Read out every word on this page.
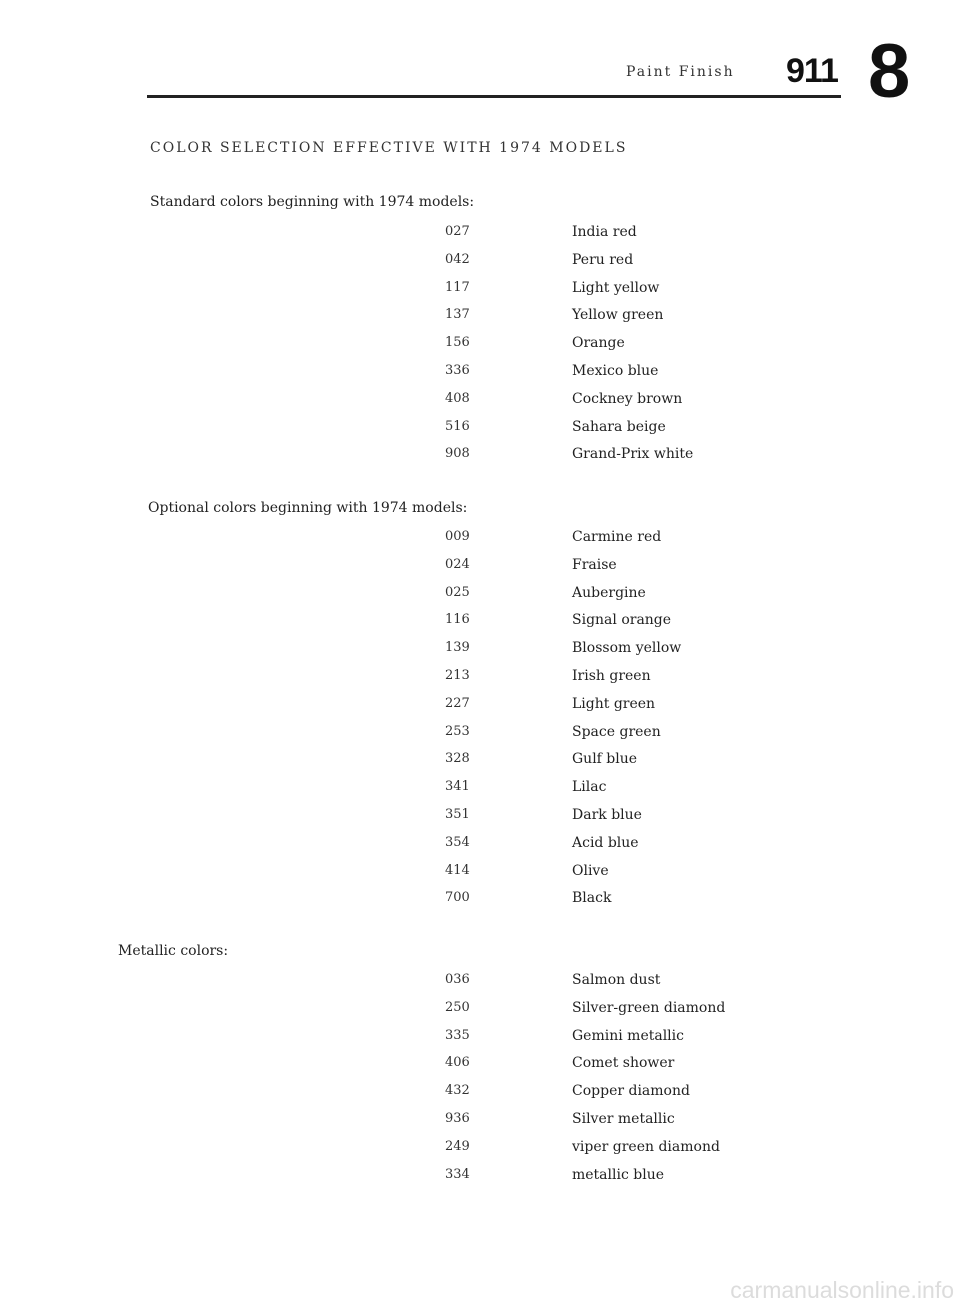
Paint Finish 911 8
COLOR SELECTION EFFECTIVE WITH 1974 MODELS
Standard colors beginning with 1974 models:
027	India red
042	Peru red
117	Light yellow
137	Yellow green
156	Orange
336	Mexico blue
408	Cockney brown
516	Sahara beige
908	Grand-Prix white
Optional colors beginning with 1974 models:
009	Carmine red
024	Fraise
025	Aubergine
116	Signal orange
139	Blossom yellow
213	Irish green
227	Light green
253	Space green
328	Gulf blue
341	Lilac
351	Dark blue
354	Acid blue
414	Olive
700	Black
Metallic colors:
036	Salmon dust
250	Silver-green diamond
335	Gemini metallic
406	Comet shower
432	Copper diamond
936	Silver metallic
249	viper green diamond
334	metallic blue
carmanualsonline.info
